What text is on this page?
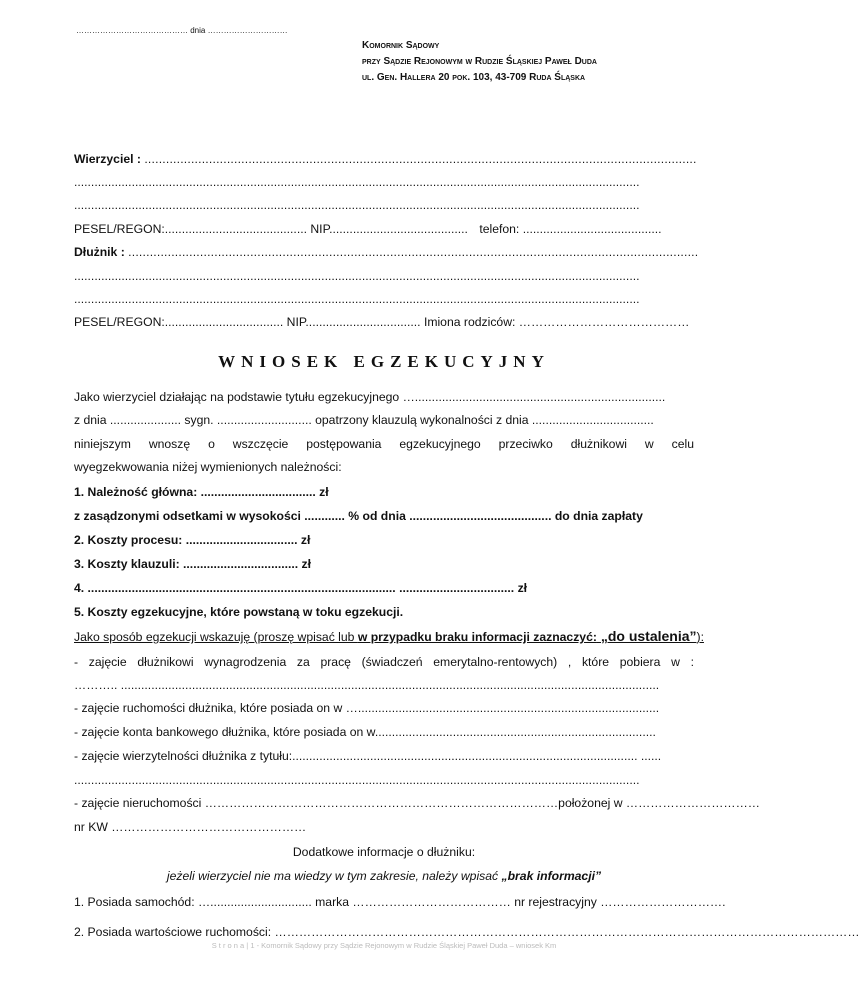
…………………………………… dnia …………………………
Komornik Sądowy
przy Sądzie Rejonowym w Rudzie Śląskiej Paweł Duda
ul. Gen. Hallera 20 pok. 103, 43-709 Ruda Śląska
Wierzyciel : ..........................................................................................................................................................
.......................................................................................................................................................................
.......................................................................................................................................................................
PESEL/REGON:.......................................... NIP......................................... telefon: .........................................
Dłużnik : ...............................................................................................................................................................
.......................................................................................................................................................................
.......................................................................................................................................................................
PESEL/REGON:................................... NIP.................................. Imiona rodziców: ……………………………………
WNIOSEK EGZEKUCYJNY
Jako wierzyciel działając na podstawie tytułu egzekucyjnego …..........................................................................
z dnia ..................... sygn. ............................ opatrzony klauzulą wykonalności z dnia ....................................
niniejszym wnoszę o wszczęcie postępowania egzekucyjnego przeciwko dłużnikowi w celu
wyegzekwowania niżej wymienionych należności:
1. Należność główna: .................................. zł
z zasądzonymi odsetkami w wysokości ............ % od dnia .......................................... do dnia zapłaty
2. Koszty procesu: ................................. zł
3. Koszty klauzuli: .................................. zł
4. ........................................................................................... .................................. zł
5. Koszty egzekucyjne, które powstaną w toku egzekucji.
Jako sposób egzekucji wskazuję (proszę wpisać lub w przypadku braku informacji zaznaczyć: „do ustalenia”):
- zajęcie dłużnikowi wynagrodzenia za pracę (świadczeń emerytalno-rentowych) , które pobiera w :
……….. ...............................................................................................................................................................
- zajęcie ruchomości dłużnika, które posiada on w ….........................................................................................
- zajęcie konta bankowego dłużnika, które posiada on w...................................................................................
- zajęcie wierzytelności dłużnika z tytułu:...................................................................................................... ......
.......................................................................................................................................................................
- zajęcie nieruchomości …………………………………………………………………………… położonej w ……………………………
nr KW …………………………………………
Dodatkowe informacje o dłużniku:
jeżeli wierzyciel nie ma wiedzy w tym zakresie, należy wpisać „brak informacji”
1. Posiada samochód: ….............................. marka ………………………………… nr rejestracyjny ………………………….
2. Posiada wartościowe ruchomości: ………………………………………………………………………………………………………………………………
S t r o n a | 1 - Komornik Sądowy przy Sądzie Rejonowym w Rudzie Śląskiej Paweł Duda – wniosek Km
